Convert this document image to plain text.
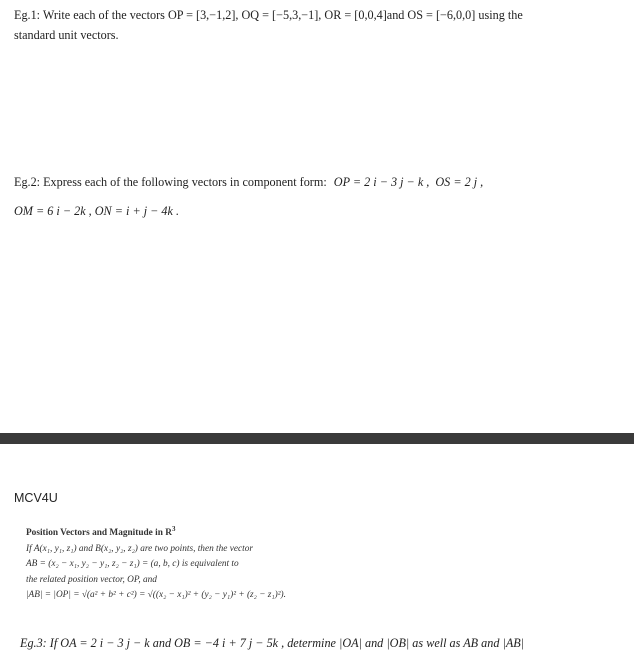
Eg.1: Write each of the vectors OP = [3,−1,2], OQ = [−5,3,−1], OR = [0,0,4]and OS = [−6,0,0] using the
standard unit vectors.
Eg.2: Express each of the following vectors in component form: OP = 2 i − 3 j − k , OS = 2 j ,
OM = 6 i − 2k , ON = i + j − 4k .
MCV4U
Position Vectors and Magnitude in $R^3$
If A(x₁, y₁, z₁) and B(x₂, y₂, z₂) are two points, then the vector
AB = (x₂ − x₁, y₂ − y₁, z₂ − z₁) = (a, b, c) is equivalent to
the related position vector, OP, and
|AB| = |OP| = √(a² + b² + c²) = √((x₂ − x₁)² + (y₂ − y₁)² + (z₂ − z₁)²).
Eg.3: If OA = 2 i − 3 j − k and OB = −4 i + 7 j − 5k , determine |OA| and |OB| as well as AB and |AB|
